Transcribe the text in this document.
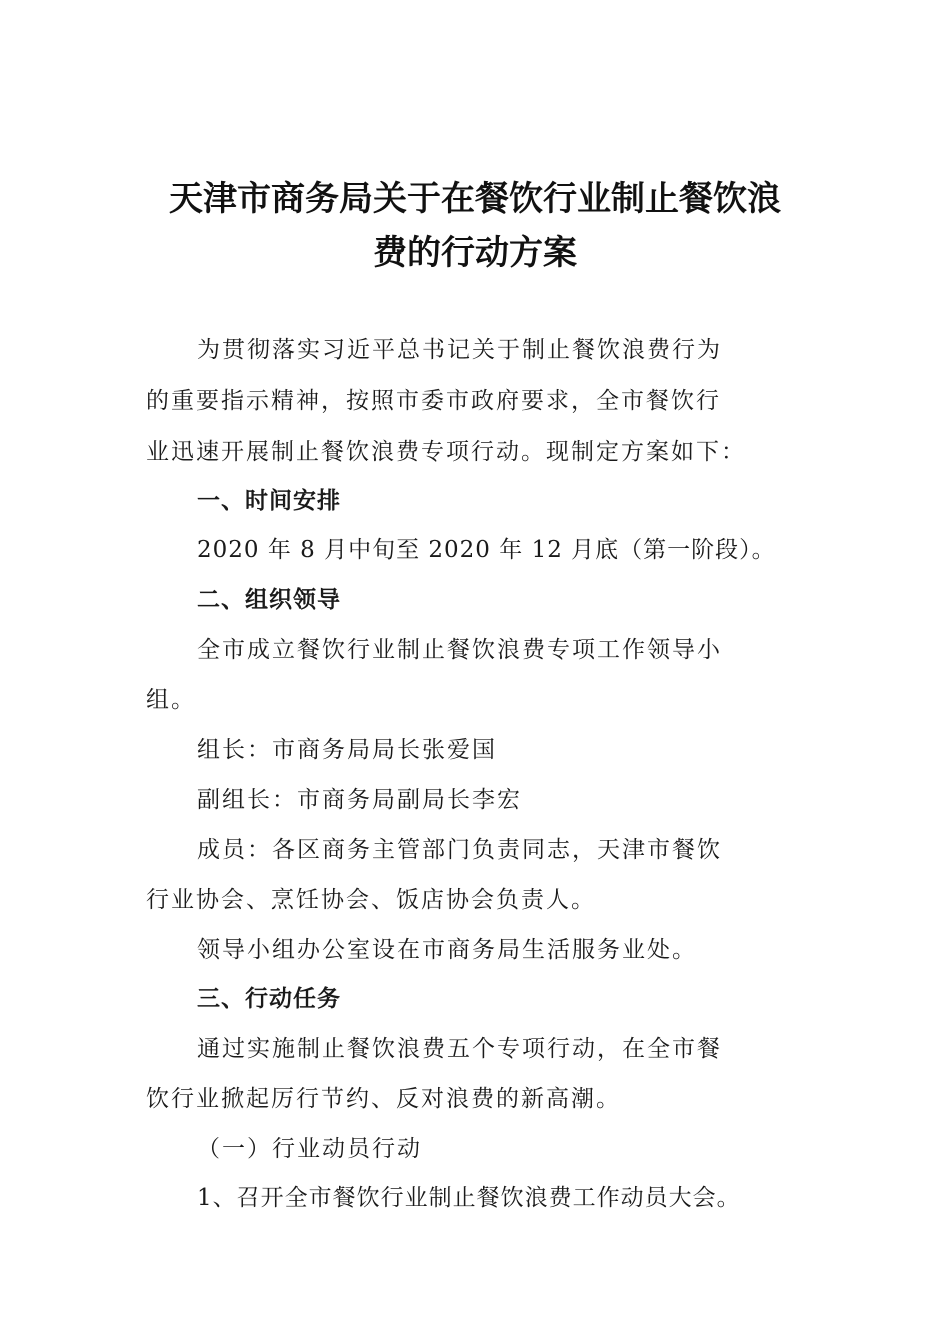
天津市商务局关于在餐饮行业制止餐饮浪
费的行动方案
为贯彻落实习近平总书记关于制止餐饮浪费行为
的重要指示精神，按照市委市政府要求，全市餐饮行
业迅速开展制止餐饮浪费专项行动。现制定方案如下：
一、时间安排
2020 年 8 月中旬至 2020 年 12 月底（第一阶段）。
二、组织领导
全市成立餐饮行业制止餐饮浪费专项工作领导小
组。
组长：市商务局局长张爱国
副组长：市商务局副局长李宏
成员：各区商务主管部门负责同志，天津市餐饮
行业协会、烹饪协会、饭店协会负责人。
领导小组办公室设在市商务局生活服务业处。
三、行动任务
通过实施制止餐饮浪费五个专项行动，在全市餐
饮行业掀起厉行节约、反对浪费的新高潮。
（一）行业动员行动
1、召开全市餐饮行业制止餐饮浪费工作动员大会。
